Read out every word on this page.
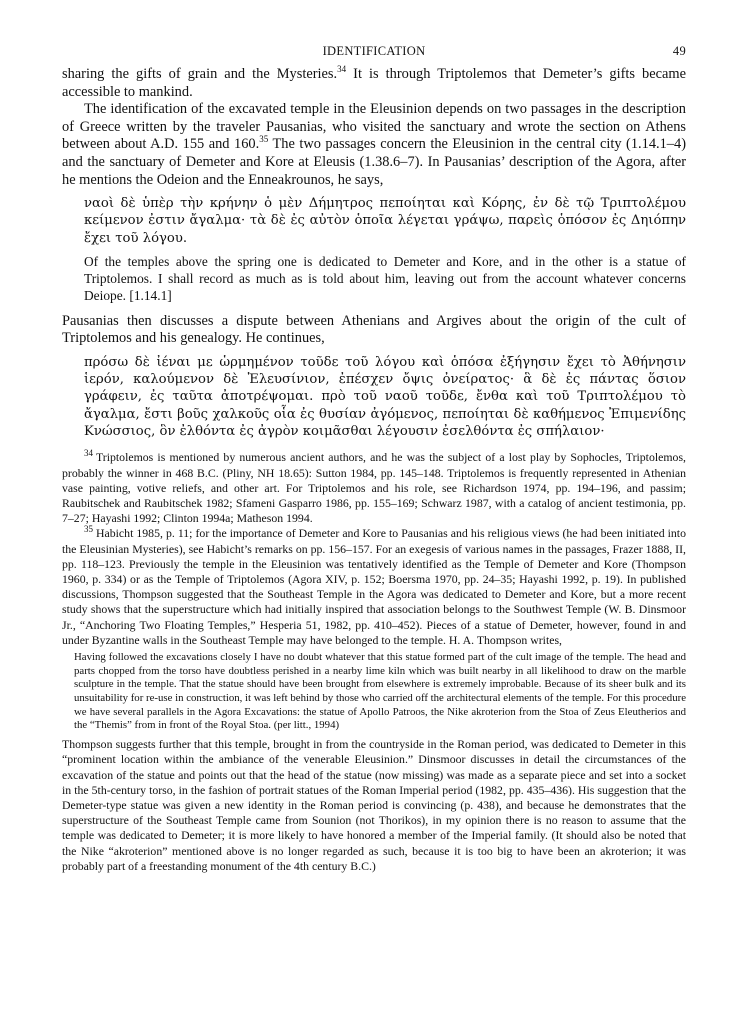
IDENTIFICATION	49

sharing the gifts of grain and the Mysteries.$^{34}$ It is through Triptolemos that Demeter’s gifts became accessible to mankind.

The identification of the excavated temple in the Eleusinion depends on two passages in the description of Greece written by the traveler Pausanias, who visited the sanctuary and wrote the section on Athens between about A.D. 155 and 160.35 The two passages concern the Eleusinion in the central city (1.14.1–4) and the sanctuary of Demeter and Kore at Eleusis (1.38.6–7). In Pausanias’ description of the Agora, after he mentions the Odeion and the Enneakrounos, he says,

ναοὶ δὲ ὑπὲρ τὴν κρήνην ὁ μὲν Δήμητρος πεποίηται καὶ Κόρης, ἐν δὲ τῷ Τριπτολέμου κείμενον ἐστιν ἄγαλμα· τὰ δὲ ἐς αὐτὸν ὁποῖα λέγεται γράψω, παρεὶς ὁπόσον ἐς Δηιόπην ἔχει τοῦ λόγου.
Of the temples above the spring one is dedicated to Demeter and Kore, and in the other is a statue of Triptolemos. I shall record as much as is told about him, leaving out from the account whatever concerns Deiope. [1.14.1]

Pausanias then discusses a dispute between Athenians and Argives about the origin of the cult of Triptolemos and his genealogy. He continues,

πρόσω δὲ ἰέναι με ὡρμημένον τοῦδε τοῦ λόγου καὶ ὁπόσα ἐξήγησιν ἔχει τὸ Ἀθήνησιν ἱερόν, καλούμενον δὲ Ἐλευσίνιον, ἐπέσχεν ὄψις ὀνείρατος· ἃ δὲ ἐς πάντας ὅσιον γράφειν, ἐς ταῦτα ἀποτρέψομαι. πρὸ τοῦ ναοῦ τοῦδε, ἔνθα καὶ τοῦ Τριπτολέμου τὸ ἄγαλμα, ἔστι βοῦς χαλκοῦς οἷα ἐς θυσίαν ἀγόμενος, πεποίηται δὲ καθήμενος Ἐπιμενίδης Κνώσσιος, ὃν ἐλθόντα ἐς ἀγρὸν κοιμᾶσθαι λέγουσιν ἐσελθόντα ἐς σπήλαιον·

$^{34}$ Triptolemos is mentioned by numerous ancient authors, and he was the subject of a lost play by Sophocles, Triptolemos, probably the winner in 468 B.C. (Pliny, NH 18.65): Sutton 1984, pp. 145–148. Triptolemos is frequently represented in Athenian vase painting, votive reliefs, and other art. For Triptolemos and his role, see Richardson 1974, pp. 194–196, and passim; Raubitschek and Raubitschek 1982; Sfameni Gasparro 1986, pp. 155–169; Schwarz 1987, with a catalog of ancient testimonia, pp. 7–27; Hayashi 1992; Clinton 1994a; Matheson 1994.

$^{35}$ Habicht 1985, p. 11; for the importance of Demeter and Kore to Pausanias and his religious views (he had been initiated into the Eleusinian Mysteries), see Habicht’s remarks on pp. 156–157. For an exegesis of various names in the passages, Frazer 1888, II, pp. 118–123. Previously the temple in the Eleusinion was tentatively identified as the Temple of Demeter and Kore (Thompson 1960, p. 334) or as the Temple of Triptolemos (Agora XIV, p. 152; Boersma 1970, pp. 24–35; Hayashi 1992, p. 19). In published discussions, Thompson suggested that the Southeast Temple in the Agora was dedicated to Demeter and Kore, but a more recent study shows that the superstructure which had initially inspired that association belongs to the Southwest Temple (W. B. Dinsmoor Jr., “Anchoring Two Floating Temples,” Hesperia 51, 1982, pp. 410–452). Pieces of a statue of Demeter, however, found in and under Byzantine walls in the Southeast Temple may have belonged to the temple. H. A. Thompson writes,

Having followed the excavations closely I have no doubt whatever that this statue formed part of the cult image of the temple. The head and parts chopped from the torso have doubtless perished in a nearby lime kiln which was built nearby in all likelihood to draw on the marble sculpture in the temple. That the statue should have been brought from elsewhere is extremely improbable. Because of its sheer bulk and its unsuitability for re-use in construction, it was left behind by those who carried off the architectural elements of the temple. For this procedure we have several parallels in the Agora Excavations: the statue of Apollo Patroos, the Nike akroterion from the Stoa of Zeus Eleutherios and the “Themis” from in front of the Royal Stoa. (per litt., 1994)

Thompson suggests further that this temple, brought in from the countryside in the Roman period, was dedicated to Demeter in this “prominent location within the ambiance of the venerable Eleusinion.” Dinsmoor discusses in detail the circumstances of the excavation of the statue and points out that the head of the statue (now missing) was made as a separate piece and set into a socket in the 5th-century torso, in the fashion of portrait statues of the Roman Imperial period (1982, pp. 435–436). His suggestion that the Demeter-type statue was given a new identity in the Roman period is convincing (p. 438), and because he demonstrates that the superstructure of the Southeast Temple came from Sounion (not Thorikos), in my opinion there is no reason to assume that the temple was dedicated to Demeter; it is more likely to have honored a member of the Imperial family. (It should also be noted that the Nike “akroterion” mentioned above is no longer regarded as such, because it is too big to have been an akroterion; it was probably part of a freestanding monument of the 4th century B.C.)
